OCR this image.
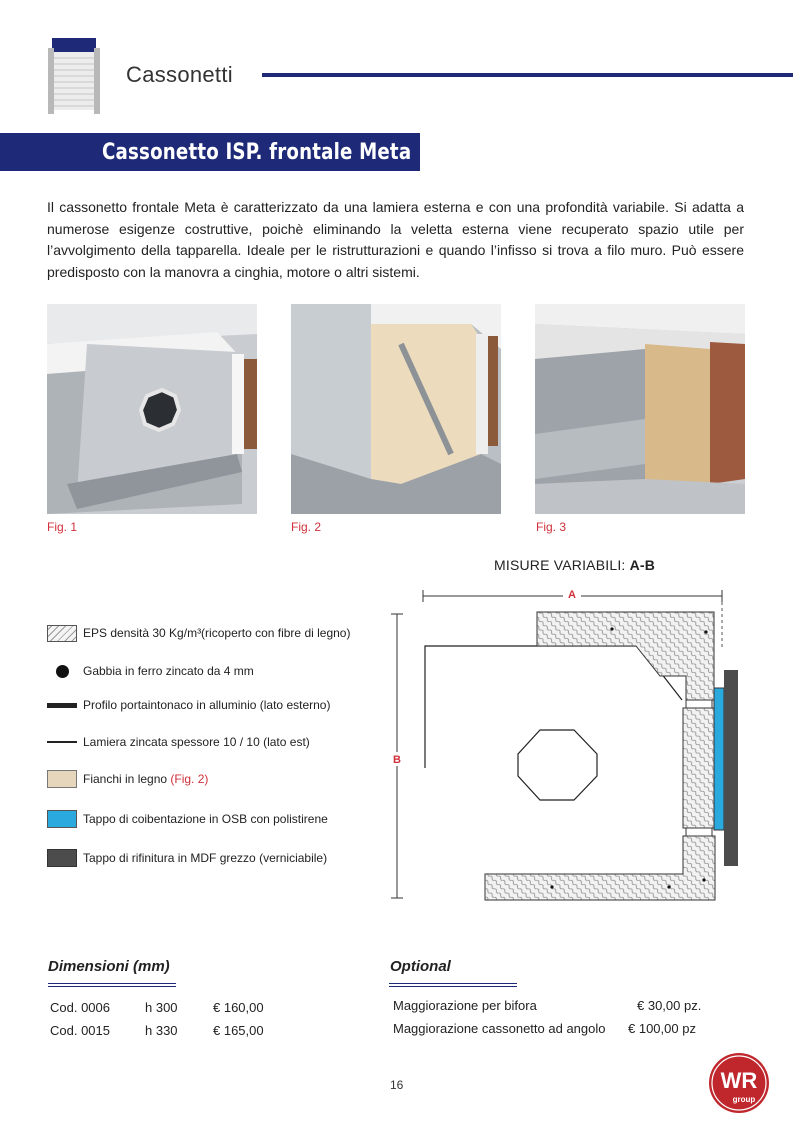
Cassonetti
Cassonetto ISP. frontale Meta
Il cassonetto frontale Meta è caratterizzato da una lamiera esterna e con una profondità variabile. Si adatta a numerose esigenze costruttive, poichè eliminando la veletta esterna viene recuperato spazio utile per l’avvolgimento della tapparella. Ideale per le ristrutturazioni e quando l’infisso si trova a filo muro. Può essere predisposto con la manovra a cinghia, motore o altri sistemi.
Fig. 1	Fig. 2	Fig. 3
MISURE VARIABILI: A-B
EPS densità 30 Kg/m³(ricoperto con fibre di legno)
Gabbia in ferro zincato da 4 mm
Profilo portaintonaco in alluminio (lato esterno)
Lamiera zincata spessore 10 / 10 (lato est)
Fianchi in legno (Fig. 2)
Tappo di coibentazione in OSB con polistirene
Tappo di rifinitura in MDF grezzo (verniciabile)
A
B
Dimensioni (mm)
Cod. 0006	h 300	€ 160,00
Cod. 0015	h 330	€ 165,00
Optional
Maggiorazione per bifora	€ 30,00 pz.
Maggiorazione cassonetto ad angolo € 100,00 pz
16	WR
group
